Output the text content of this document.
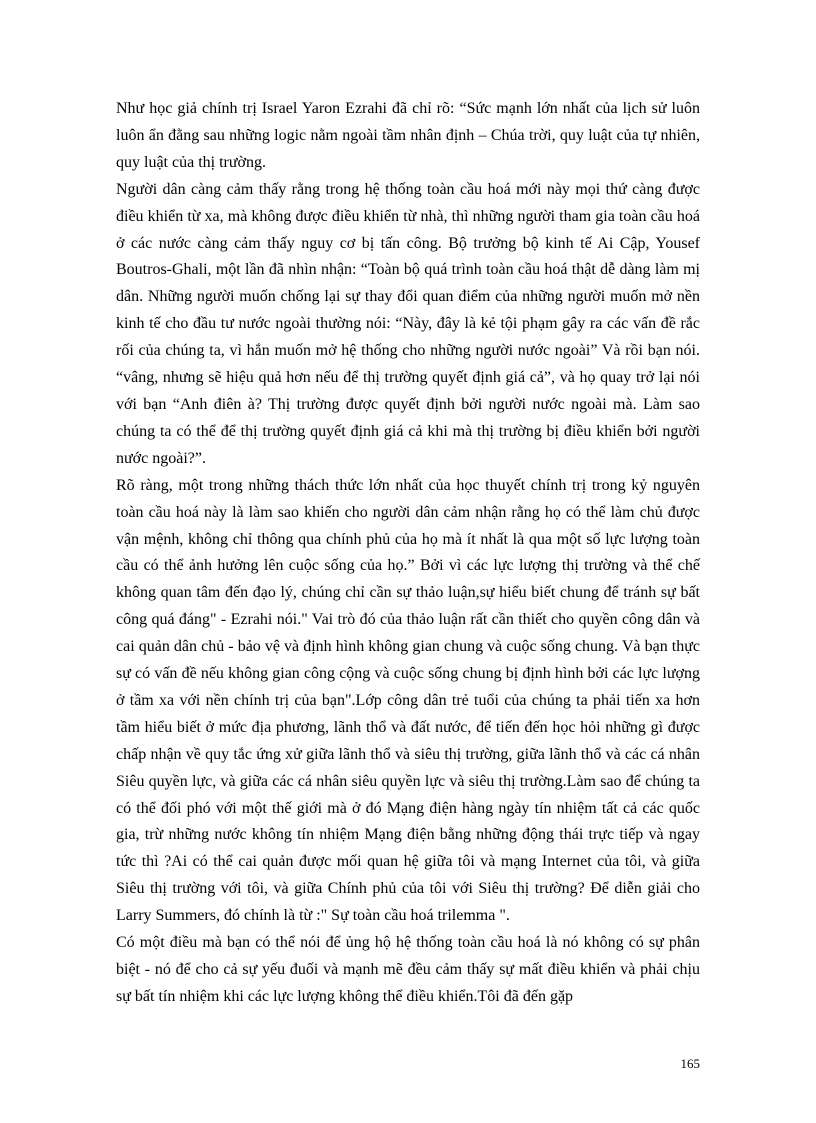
Như học giả chính trị Israel Yaron Ezrahi đã chỉ rõ: “Sức mạnh lớn nhất của lịch sử luôn luôn ẩn đằng sau những logic nằm ngoài tầm nhân định – Chúa trời, quy luật của tự nhiên, quy luật của thị trường.

Người dân càng cảm thấy rằng trong hệ thống toàn cầu hoá mới này mọi thứ càng được điều khiển từ xa, mà không được điều khiển từ nhà, thì những người tham gia toàn cầu hoá ở các nước càng cảm thấy nguy cơ bị tấn công. Bộ trưởng bộ kinh tế Ai Cập, Yousef Boutros-Ghali, một lần đã nhìn nhận: “Toàn bộ quá trình toàn cầu hoá thật dễ dàng làm mị dân. Những người muốn chống lại sự thay đổi quan điểm của những người muốn mở nền kinh tế cho đầu tư nước ngoài thường nói: “Này, đây là kẻ tội phạm gây ra các vấn đề rắc rối của chúng ta, vì hắn muốn mở hệ thống cho những người nước ngoài” Và rồi bạn nói. “vâng, nhưng sẽ hiệu quả hơn nếu để thị trường quyết định giá cả”, và họ quay trở lại nói với bạn “Anh điên à? Thị trường được quyết định bởi người nước ngoài mà. Làm sao chúng ta có thể để thị trường quyết định giá cả khi mà thị trường bị điều khiển bởi người nước ngoài?”.

Rõ ràng, một trong những thách thức lớn nhất của học thuyết chính trị trong kỷ nguyên toàn cầu hoá này là làm sao khiến cho người dân cảm nhận rằng họ có thể làm chủ được vận mệnh, không chỉ thông qua chính phủ của họ mà ít nhất là qua một số lực lượng toàn cầu có thể ảnh hưởng lên cuộc sống của họ.” Bởi vì các lực lượng thị trường và thể chế không quan tâm đến đạo lý, chúng chỉ cần sự thảo luận,sự hiểu biết chung để tránh sự bất công quá đáng" - Ezrahi nói." Vai trò đó của thảo luận rất cần thiết cho quyền công dân và cai quản dân chủ - bảo vệ và định hình không gian chung và cuộc sống chung. Và bạn thực sự có vấn đề nếu không gian công cộng và cuộc sống chung bị định hình bởi các lực lượng ở tầm xa với nền chính trị của bạn".Lớp công dân trẻ tuổi của chúng ta phải tiến xa hơn tầm hiểu biết ở mức địa phương, lãnh thổ và đất nước, để tiến đến học hỏi những gì được chấp nhận về quy tắc ứng xử giữa lãnh thổ và siêu thị trường, giữa lãnh thổ và các cá nhân Siêu quyền lực, và giữa các cá nhân siêu quyền lực và siêu thị trường.Làm sao để chúng ta có thể đối phó với một thế giới mà ở đó Mạng điện hàng ngày tín nhiệm tất cả các quốc gia, trừ những nước không tín nhiệm Mạng điện bằng những động thái trực tiếp và ngay tức thì ?Ai có thể cai quản được mối quan hệ giữa tôi và mạng Internet của tôi, và giữa Siêu thị trường với tôi, và giữa Chính phủ của tôi với Siêu thị trường? Để diễn giải cho Larry Summers, đó chính là từ :" Sự toàn cầu hoá trilemma ".

Có một điều mà bạn có thể nói để ủng hộ hệ thống toàn cầu hoá là nó không có sự phân biệt - nó để cho cả sự yếu đuối và mạnh mẽ đều cảm thấy sự mất điều khiển và phải chịu sự bất tín nhiệm khi các lực lượng không thể điều khiển.Tôi đã đến gặp

165
